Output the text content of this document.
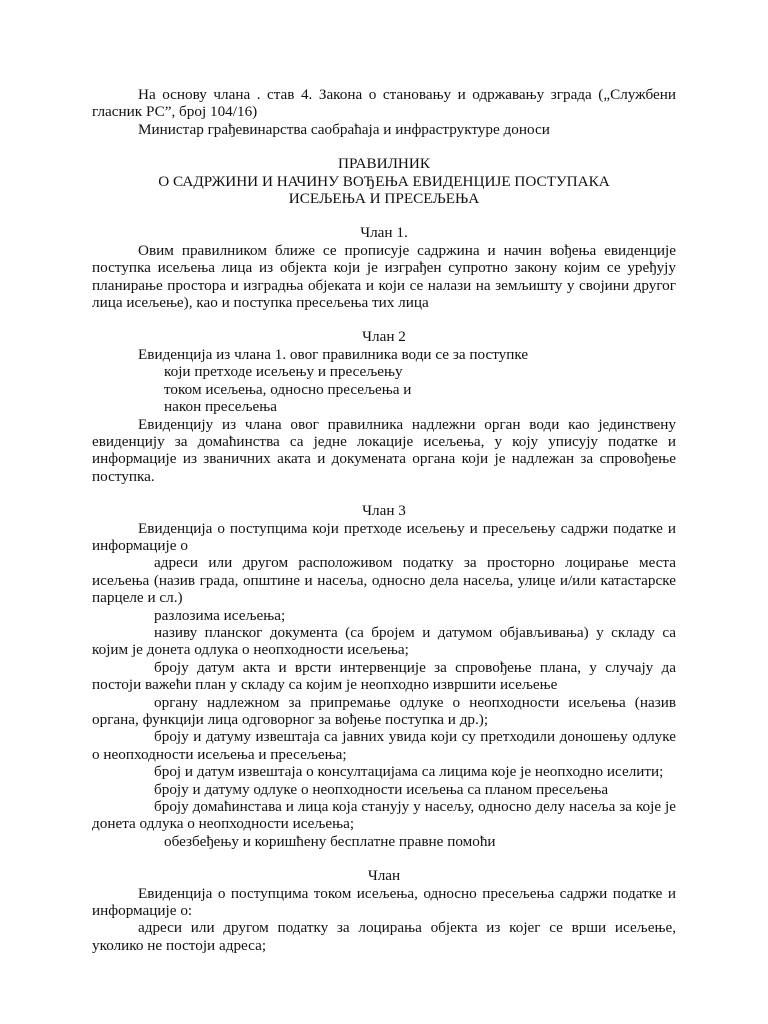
На основу члана . став 4. Закона о становању и одржавању зграда („Службени гласник РС”, број 104/16)

Министар грађевинарства саобраћаја и инфраструктуре доноси

ПРАВИЛНИК

О САДРЖИНИ И НАЧИНУ ВОЂЕЊА ЕВИДЕНЦИЈЕ ПОСТУПАКА

ИСЕЉЕЊА И ПРЕСЕЉЕЊА

Члан 1.

Овим правилником ближе се прописује садржина и начин вођења евиденције поступка исељења лица из објекта који је изграђен супротно закону којим се уређују планирање простора и изградња објеката и који се налази на земљишту у својини другог лица исељење), као и поступка пресељења тих лица

Члан 2

Евиденција из члана 1. овог правилника води се за поступке

који претходе исељењу и пресељењу

током исељења, односно пресељења и

након пресељења

Евиденцију из члана овог правилника надлежни орган води као јединствену евиденцију за домаћинства са једне локације исељења, у коју уписују податке и информације из званичних аката и докумената органа који је надлежан за спровођење поступка.

Члан 3

Евиденција о поступцима који претходе исељењу и пресељењу садржи податке и информације о

адреси или другом расположивом податку за просторно лоцирање места исељења (назив града, општине и насеља, односно дела насеља, улице и/или катастарске парцеле и сл.)

разлозима исељења;

називу планског документа (са бројем и датумом објављивања) у складу са којим је донета одлука о неопходности исељења;

броју датум акта и врсти интервенције за спровођење плана, у случају да постоји важећи план у складу са којим је неопходно извршити исељење

органу надлежном за припремање одлуке о неопходности исељења (назив органа, функцији лица одговорног за вођење поступка и др.);

броју и датуму извештаја са јавних увида који су претходили доношењу одлуке о неопходности исељења и пресељења;

број и датум извештаја о консултацијама са лицима које је неопходно иселити;

броју и датуму одлуке о неопходности исељења са планом пресељења

броју домаћинстава и лица која станују у насељу, односно делу насеља за које је донета одлука о неопходности исељења;

обезбеђењу и коришћену бесплатне правне помоћи

Члан

Евиденција о поступцима током исељења, односно пресељења садржи податке и информације о:

адреси или другом податку за лоцирања објекта из којег се врши исељење, уколико не постоји адреса;
